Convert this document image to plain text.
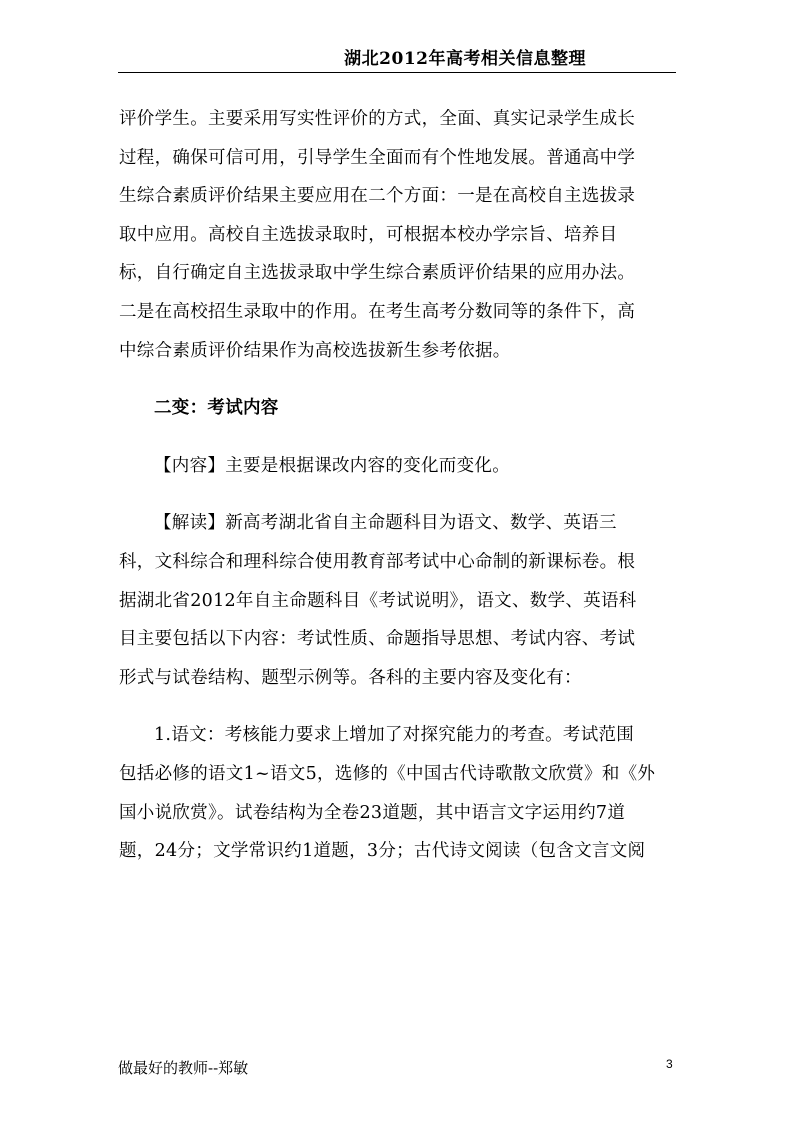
湖北2012年高考相关信息整理
评价学生。主要采用写实性评价的方式，全面、真实记录学生成长
过程，确保可信可用，引导学生全面而有个性地发展。普通高中学
生综合素质评价结果主要应用在二个方面：一是在高校自主选拔录
取中应用。高校自主选拔录取时，可根据本校办学宗旨、培养目
标，自行确定自主选拔录取中学生综合素质评价结果的应用办法。
二是在高校招生录取中的作用。在考生高考分数同等的条件下，高
中综合素质评价结果作为高校选拔新生参考依据。
二变：考试内容
【内容】主要是根据课改内容的变化而变化。
【解读】新高考湖北省自主命题科目为语文、数学、英语三
科，文科综合和理科综合使用教育部考试中心命制的新课标卷。根
据湖北省2012年自主命题科目《考试说明》，语文、数学、英语科
目主要包括以下内容：考试性质、命题指导思想、考试内容、考试
形式与试卷结构、题型示例等。各科的主要内容及变化有：
1.语文：考核能力要求上增加了对探究能力的考查。考试范围
包括必修的语文1~语文5，选修的《中国古代诗歌散文欣赏》和《外
国小说欣赏》。试卷结构为全卷23道题，其中语言文字运用约7道
题，24分；文学常识约1道题，3分；古代诗文阅读（包含文言文阅
做最好的教师--郑敏	3
